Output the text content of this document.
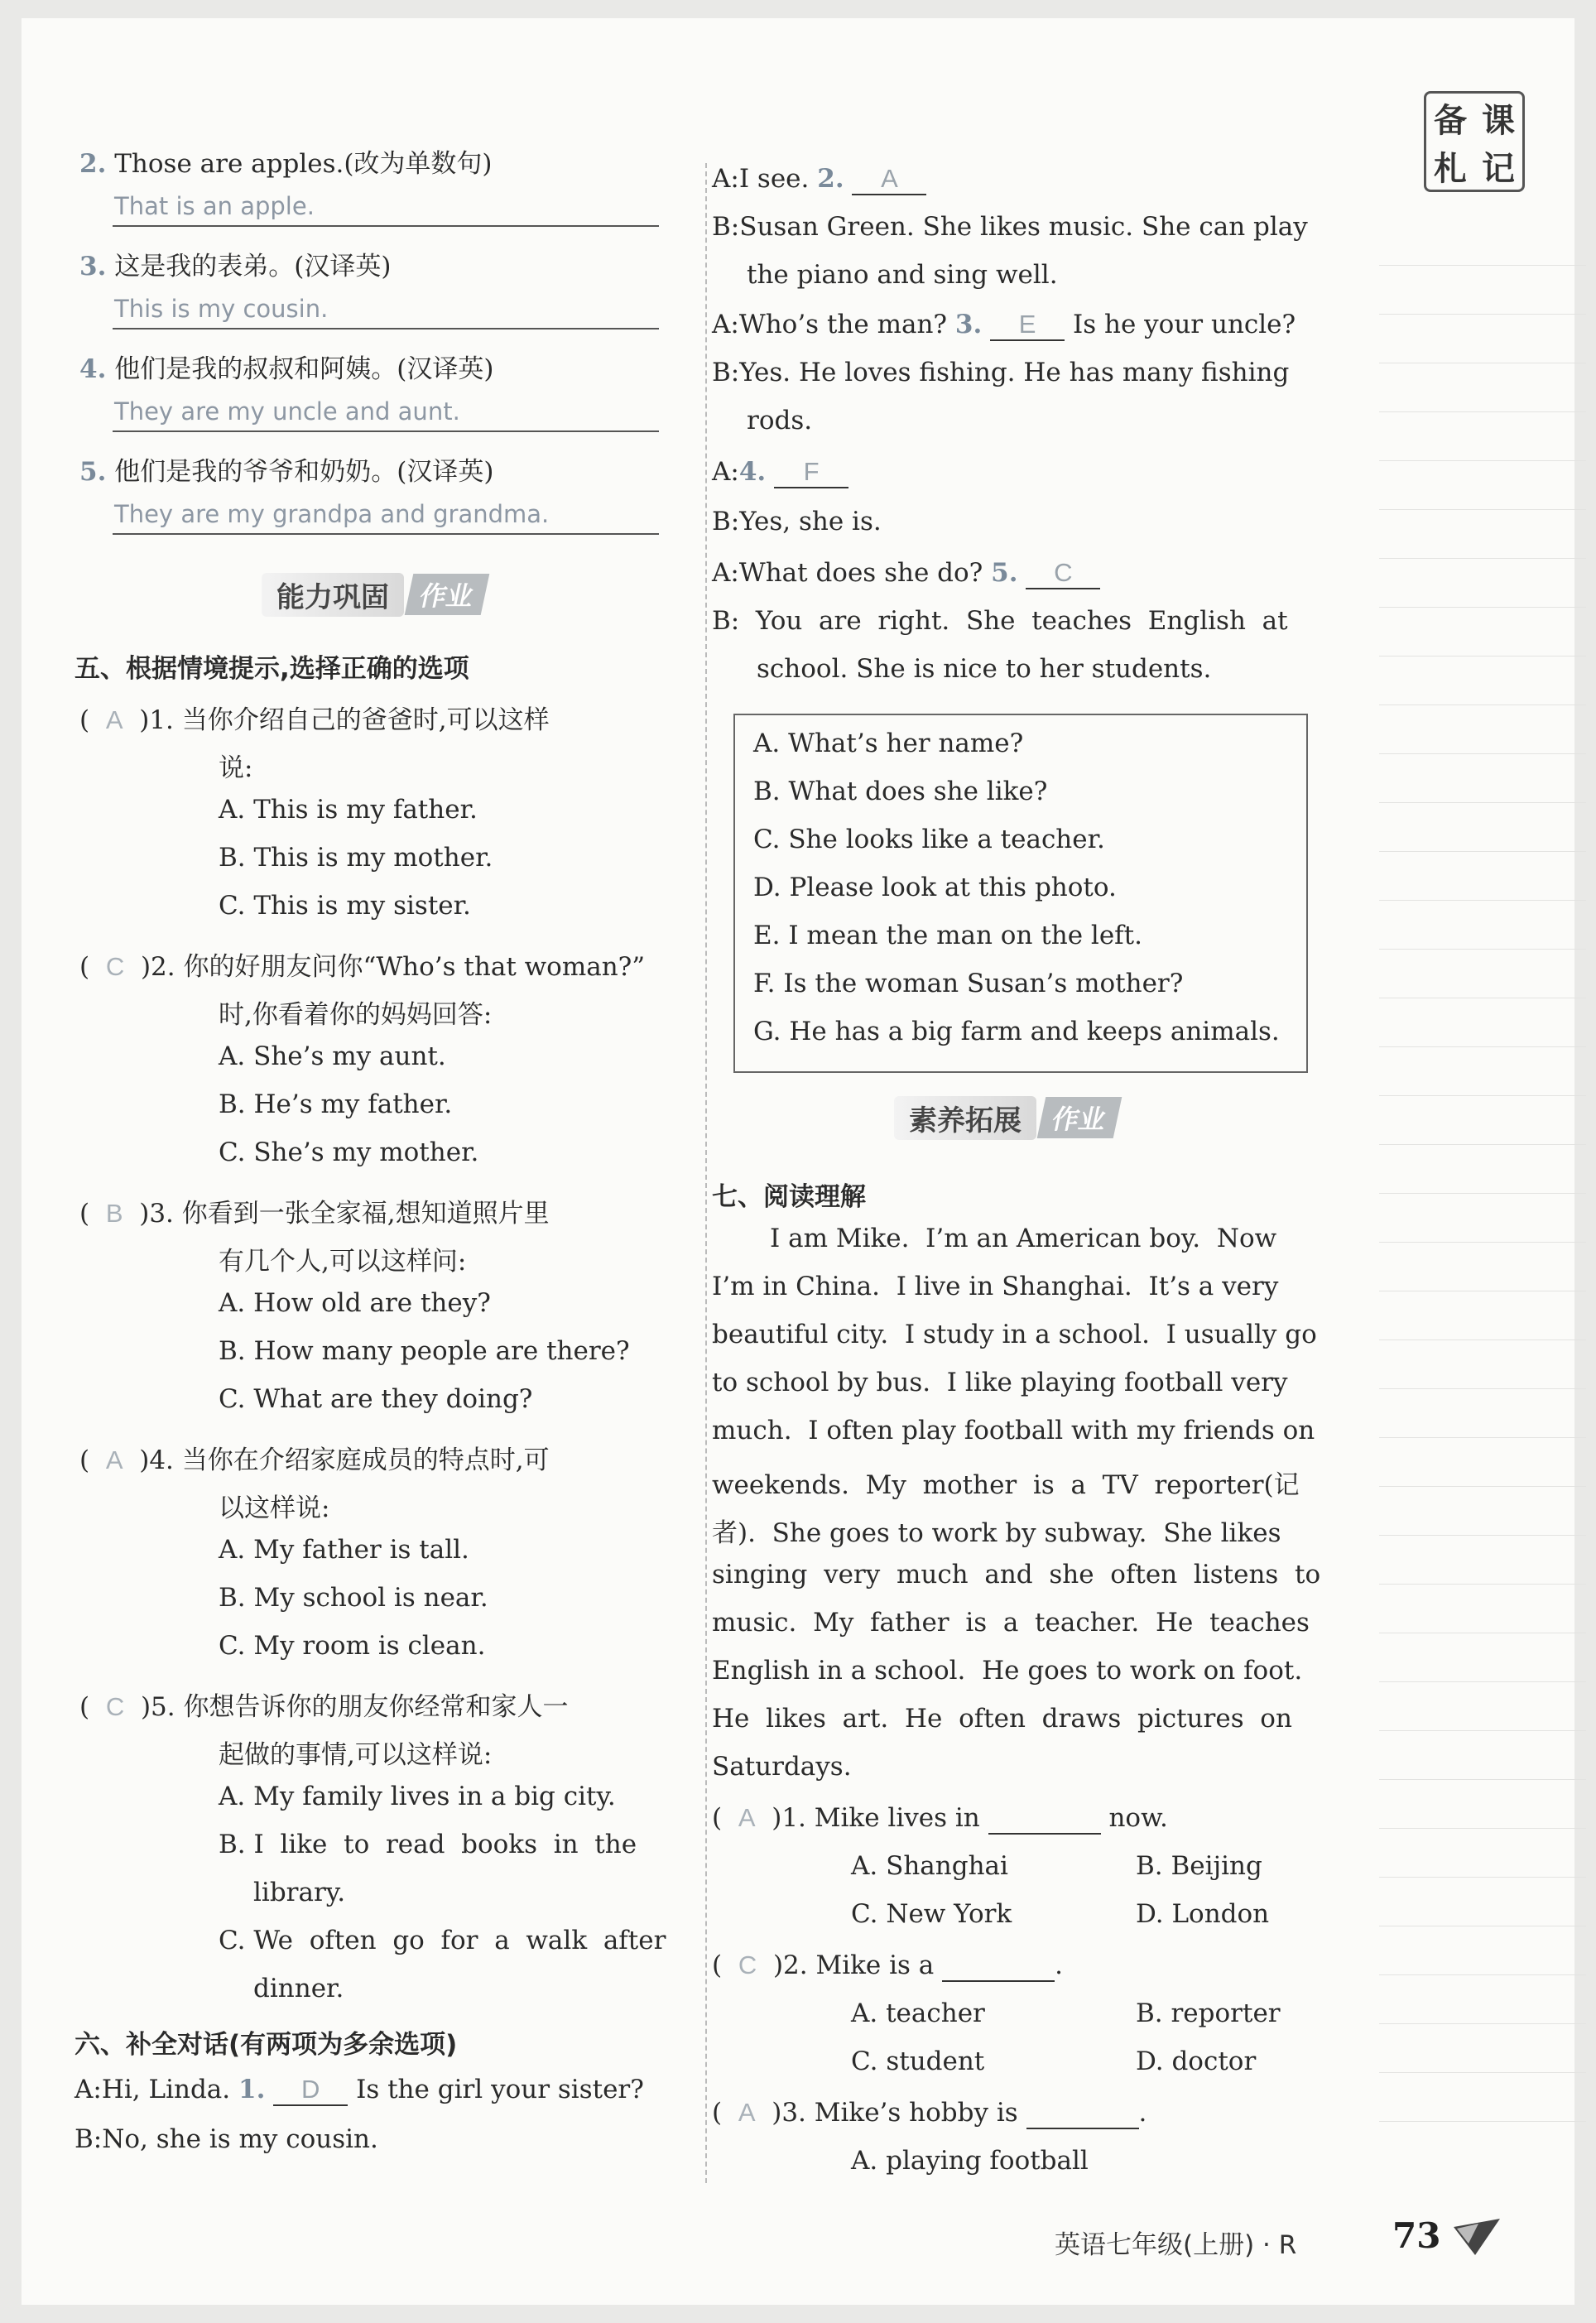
备 课
札 记
2. Those are apples.(改为单数句)
That is an apple.
3. 这是我的表弟。(汉译英)
This is my cousin.
4. 他们是我的叔叔和阿姨。(汉译英)
They are my uncle and aunt.
5. 他们是我的爷爷和奶奶。(汉译英)
They are my grandpa and grandma.
能力巩固	作业
五、根据情境提示,选择正确的选项
( A )1. 当你介绍自己的爸爸时,可以这样
说:
A. This is my father.
B. This is my mother.
C. This is my sister.
( C )2. 你的好朋友问你“Who’s that woman?”
时,你看着你的妈妈回答:
A. She’s my aunt.
B. He’s my father.
C. She’s my mother.
( B )3. 你看到一张全家福,想知道照片里
有几个人,可以这样问:
A. How old are they?
B. How many people are there?
C. What are they doing?
( A )4. 当你在介绍家庭成员的特点时,可
以这样说:
A. My father is tall.
B. My school is near.
C. My room is clean.
( C )5. 你想告诉你的朋友你经常和家人一
起做的事情,可以这样说:
A. My family lives in a big city.
B. I  like  to  read  books  in  the
library.
C. We  often  go  for  a  walk  after
dinner.
六、补全对话(有两项为多余选项)
A:Hi, Linda. 1. D Is the girl your sister?
B:No, she is my cousin.
A:I see. 2. A
B:Susan Green. She likes music. She can play
the piano and sing well.
A:Who’s the man? 3. E Is he your uncle?
B:Yes. He loves fishing. He has many fishing
rods.
A:4. F
B:Yes, she is.
A:What does she do? 5. C
B:  You  are  right.  She  teaches  English  at
school. She is nice to her students.
A. What’s her name?
B. What does she like?
C. She looks like a teacher.
D. Please look at this photo.
E. I mean the man on the left.
F. Is the woman Susan’s mother?
G. He has a big farm and keeps animals.
素养拓展	作业
七、阅读理解
I am Mike.  I’m an American boy.  Now
I’m in China.  I live in Shanghai.  It’s a very
beautiful city.  I study in a school.  I usually go
to school by bus.  I like playing football very
much.  I often play football with my friends on
weekends.  My  mother  is  a  TV  reporter(记
者).  She goes to work by subway.  She likes
singing  very  much  and  she  often  listens  to
music.  My  father  is  a  teacher.  He  teaches
English in a school.  He goes to work on foot.
He  likes  art.  He  often  draws  pictures  on
Saturdays.
( A )1. Mike lives in	now.
A. Shanghai	B. Beijing
C. New York	D. London
( C )2. Mike is a	.
A. teacher	B. reporter
C. student	D. doctor
( A )3. Mike’s hobby is	.
A. playing football
英语七年级(上册) · R	73
